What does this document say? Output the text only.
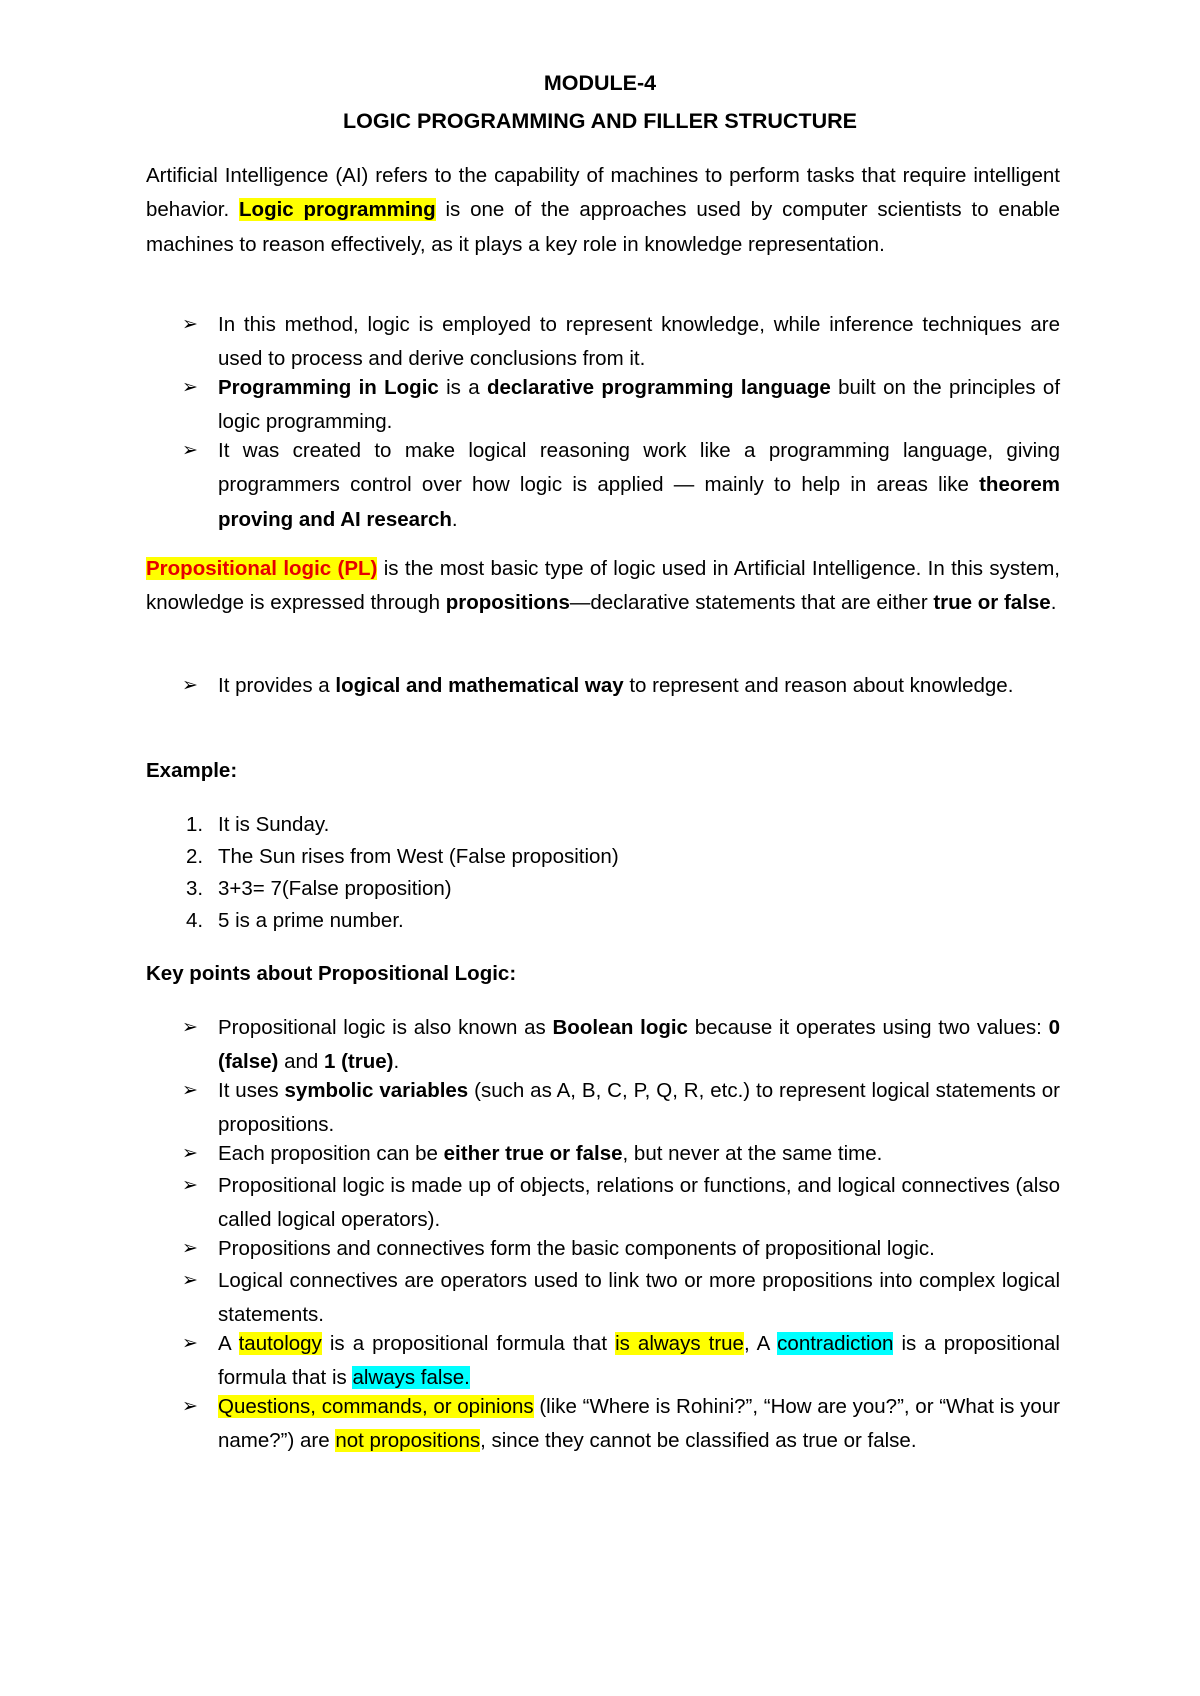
MODULE-4
LOGIC PROGRAMMING AND FILLER STRUCTURE
Artificial Intelligence (AI) refers to the capability of machines to perform tasks that require intelligent behavior. Logic programming is one of the approaches used by computer scientists to enable machines to reason effectively, as it plays a key role in knowledge representation.
➢ In this method, logic is employed to represent knowledge, while inference techniques are used to process and derive conclusions from it.
➢ Programming in Logic is a declarative programming language built on the principles of logic programming.
➢ It was created to make logical reasoning work like a programming language, giving programmers control over how logic is applied — mainly to help in areas like theorem proving and AI research.
Propositional logic (PL) is the most basic type of logic used in Artificial Intelligence. In this system, knowledge is expressed through propositions—declarative statements that are either true or false.
➢ It provides a logical and mathematical way to represent and reason about knowledge.
Example:
1. It is Sunday.
2. The Sun rises from West (False proposition)
3. 3+3= 7(False proposition)
4. 5 is a prime number.
Key points about Propositional Logic:
➢ Propositional logic is also known as Boolean logic because it operates using two values: 0 (false) and 1 (true).
➢ It uses symbolic variables (such as A, B, C, P, Q, R, etc.) to represent logical statements or propositions.
➢ Each proposition can be either true or false, but never at the same time.
➢ Propositional logic is made up of objects, relations or functions, and logical connectives (also called logical operators).
➢ Propositions and connectives form the basic components of propositional logic.
➢ Logical connectives are operators used to link two or more propositions into complex logical statements.
➢ A tautology is a propositional formula that is always true, A contradiction is a propositional formula that is always false.
➢ Questions, commands, or opinions (like “Where is Rohini?”, “How are you?”, or “What is your name?”) are not propositions, since they cannot be classified as true or false.
